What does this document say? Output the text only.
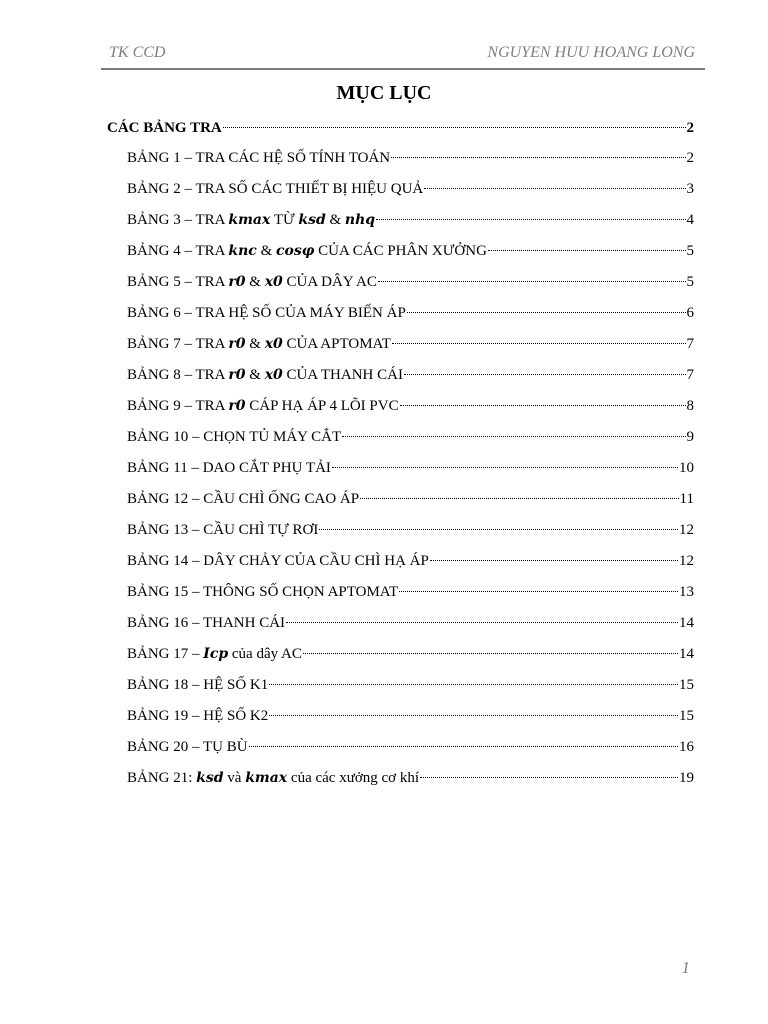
TK CCD	NGUYEN HUU HOANG LONG
MỤC LỤC
CÁC BẢNG TRA	2
BẢNG 1 – TRA CÁC HỆ SỐ TÍNH TOÁN	2
BẢNG 2 – TRA SỐ CÁC THIẾT BỊ HIỆU QUẢ	3
BẢNG 3 – TRA kmax TỪ ksd & nhq	4
BẢNG 4 – TRA knc & cosφ CỦA CÁC PHÂN XƯỞNG	5
BẢNG 5 – TRA r0 & x0 CỦA DÂY AC	5
BẢNG 6 – TRA HỆ SỐ CỦA MÁY BIẾN ÁP	6
BẢNG 7 – TRA r0 & x0 CỦA APTOMAT	7
BẢNG 8 – TRA r0 & x0 CỦA THANH CÁI	7
BẢNG 9 – TRA r0 CÁP HẠ ÁP 4 LÕI PVC	8
BẢNG 10 – CHỌN TỦ MÁY CẮT	9
BẢNG 11 – DAO CẮT PHỤ TẢI	10
BẢNG 12 – CẦU CHÌ ỐNG CAO ÁP	11
BẢNG 13 – CẦU CHÌ TỰ RƠI	12
BẢNG 14 – DÂY CHẢY CỦA CẦU CHÌ HẠ ÁP	12
BẢNG 15 – THÔNG SỐ CHỌN APTOMAT	13
BẢNG 16 – THANH CÁI	14
BẢNG 17 – Icp của dây AC	14
BẢNG 18 – HỆ SỐ K1	15
BẢNG 19 – HỆ SỐ K2	15
BẢNG 20 – TỤ BÙ	16
BẢNG 21: ksd và kmax của các xưởng cơ khí	19
1
